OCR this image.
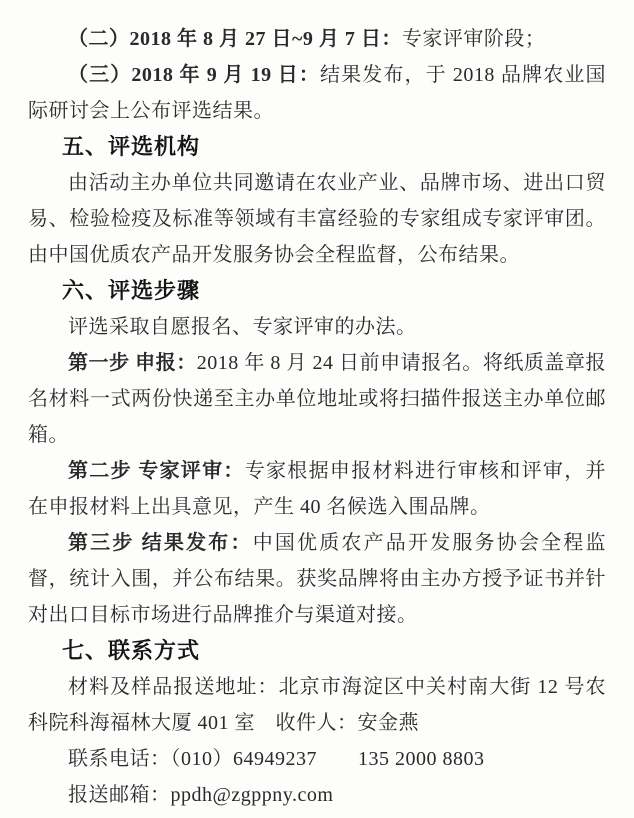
（二）2018 年 8 月 27 日~9 月 7 日：专家评审阶段；

（三）2018 年 9 月 19 日：结果发布，于 2018 品牌农业国际研讨会上公布评选结果。

五、评选机构

由活动主办单位共同邀请在农业产业、品牌市场、进出口贸易、检验检疫及标准等领域有丰富经验的专家组成专家评审团。由中国优质农产品开发服务协会全程监督，公布结果。

六、评选步骤

评选采取自愿报名、专家评审的办法。

第一步 申报：2018 年 8 月 24 日前申请报名。将纸质盖章报名材料一式两份快递至主办单位地址或将扫描件报送主办单位邮箱。

第二步 专家评审：专家根据申报材料进行审核和评审，并在申报材料上出具意见，产生 40 名候选入围品牌。

第三步 结果发布：中国优质农产品开发服务协会全程监督，统计入围，并公布结果。获奖品牌将由主办方授予证书并针对出口目标市场进行品牌推介与渠道对接。

七、联系方式

材料及样品报送地址：北京市海淀区中关村南大街 12 号农科院科海福林大厦 401 室　收件人：安金燕

联系电话：（010）64949237　　135 2000 8803

报送邮箱：ppdh@zgppny.com
